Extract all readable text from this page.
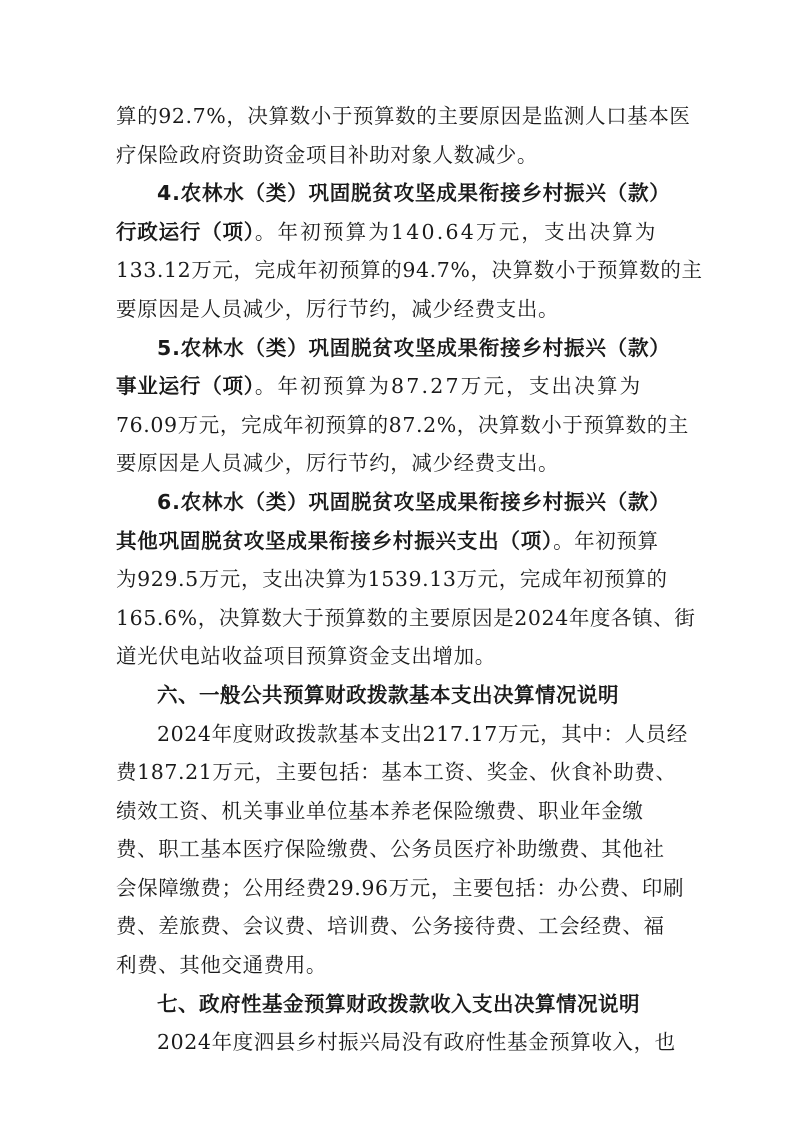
算的92.7%，决算数小于预算数的主要原因是监测人口基本医
疗保险政府资助资金项目补助对象人数减少。
4.农林水（类）巩固脱贫攻坚成果衔接乡村振兴（款）
行政运行（项）。年初预算为140.64万元，支出决算为
133.12万元，完成年初预算的94.7%，决算数小于预算数的主
要原因是人员减少，厉行节约，减少经费支出。
5.农林水（类）巩固脱贫攻坚成果衔接乡村振兴（款）
事业运行（项）。年初预算为87.27万元，支出决算为
76.09万元，完成年初预算的87.2%，决算数小于预算数的主
要原因是人员减少，厉行节约，减少经费支出。
6.农林水（类）巩固脱贫攻坚成果衔接乡村振兴（款）
其他巩固脱贫攻坚成果衔接乡村振兴支出（项）。年初预算
为929.5万元，支出决算为1539.13万元，完成年初预算的
165.6%，决算数大于预算数的主要原因是2024年度各镇、街
道光伏电站收益项目预算资金支出增加。
六、一般公共预算财政拨款基本支出决算情况说明
2024年度财政拨款基本支出217.17万元，其中：人员经
费187.21万元，主要包括：基本工资、奖金、伙食补助费、
绩效工资、机关事业单位基本养老保险缴费、职业年金缴
费、职工基本医疗保险缴费、公务员医疗补助缴费、其他社
会保障缴费；公用经费29.96万元，主要包括：办公费、印刷
费、差旅费、会议费、培训费、公务接待费、工会经费、福
利费、其他交通费用。
七、政府性基金预算财政拨款收入支出决算情况说明
2024年度泗县乡村振兴局没有政府性基金预算收入，也
